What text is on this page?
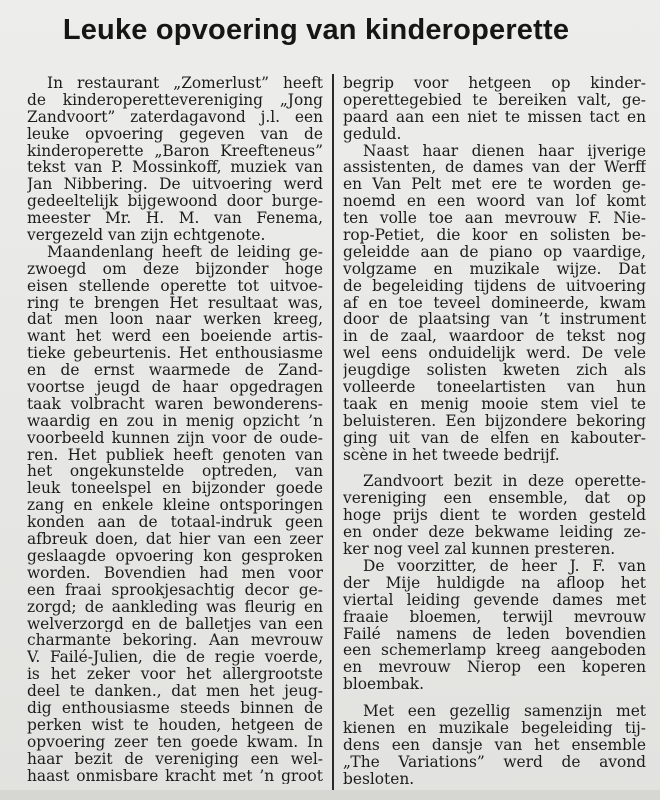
Leuke opvoering van kinderoperette
In restaurant „Zomerlust” heeft
de kinderoperettevereniging „Jong
Zandvoort” zaterdagavond j.l. een
leuke opvoering gegeven van de
kinderoperette „Baron Kreefteneus”
tekst van P. Mossinkoff, muziek van
Jan Nibbering. De uitvoering werd
gedeeltelijk bijgewoond door burge-
meester Mr. H. M. van Fenema,
vergezeld van zijn echtgenote.
Maandenlang heeft de leiding ge-
zwoegd om deze bijzonder hoge
eisen stellende operette tot uitvoe-
ring te brengen Het resultaat was,
dat men loon naar werken kreeg,
want het werd een boeiende artis-
tieke gebeurtenis. Het enthousiasme
en de ernst waarmede de Zand-
voortse jeugd de haar opgedragen
taak volbracht waren bewonderens-
waardig en zou in menig opzicht ’n
voorbeeld kunnen zijn voor de oude-
ren. Het publiek heeft genoten van
het ongekunstelde optreden, van
leuk toneelspel en bijzonder goede
zang en enkele kleine ontsporingen
konden aan de totaal-indruk geen
afbreuk doen, dat hier van een zeer
geslaagde opvoering kon gesproken
worden. Bovendien had men voor
een fraai sprookjesachtig decor ge-
zorgd; de aankleding was fleurig en
welverzorgd en de balletjes van een
charmante bekoring. Aan mevrouw
V. Failé-Julien, die de regie voerde,
is het zeker voor het allergrootste
deel te danken., dat men het jeug-
dig enthousiasme steeds binnen de
perken wist te houden, hetgeen de
opvoering zeer ten goede kwam. In
haar bezit de vereniging een wel-
haast onmisbare kracht met ’n groot
begrip voor hetgeen op kinder-
operettegebied te bereiken valt, ge-
paard aan een niet te missen tact en
geduld.
Naast haar dienen haar ijverige
assistenten, de dames van der Werff
en Van Pelt met ere te worden ge-
noemd en een woord van lof komt
ten volle toe aan mevrouw F. Nie-
rop-Petiet, die koor en solisten be-
geleidde aan de piano op vaardige,
volgzame en muzikale wijze. Dat
de begeleiding tijdens de uitvoering
af en toe teveel domineerde, kwam
door de plaatsing van ’t instrument
in de zaal, waardoor de tekst nog
wel eens onduidelijk werd. De vele
jeugdige solisten kweten zich als
volleerde toneelartisten van hun
taak en menig mooie stem viel te
beluisteren. Een bijzondere bekoring
ging uit van de elfen en kabouter-
scène in het tweede bedrijf.
Zandvoort bezit in deze operette-
vereniging een ensemble, dat op
hoge prijs dient te worden gesteld
en onder deze bekwame leiding ze-
ker nog veel zal kunnen presteren.
De voorzitter, de heer J. F. van
der Mije huldigde na afloop het
viertal leiding gevende dames met
fraaie bloemen, terwijl mevrouw
Failé namens de leden bovendien
een schemerlamp kreeg aangeboden
en mevrouw Nierop een koperen
bloembak.
Met een gezellig samenzijn met
kienen en muzikale begeleiding tij-
dens een dansje van het ensemble
„The Variations” werd de avond
besloten.
